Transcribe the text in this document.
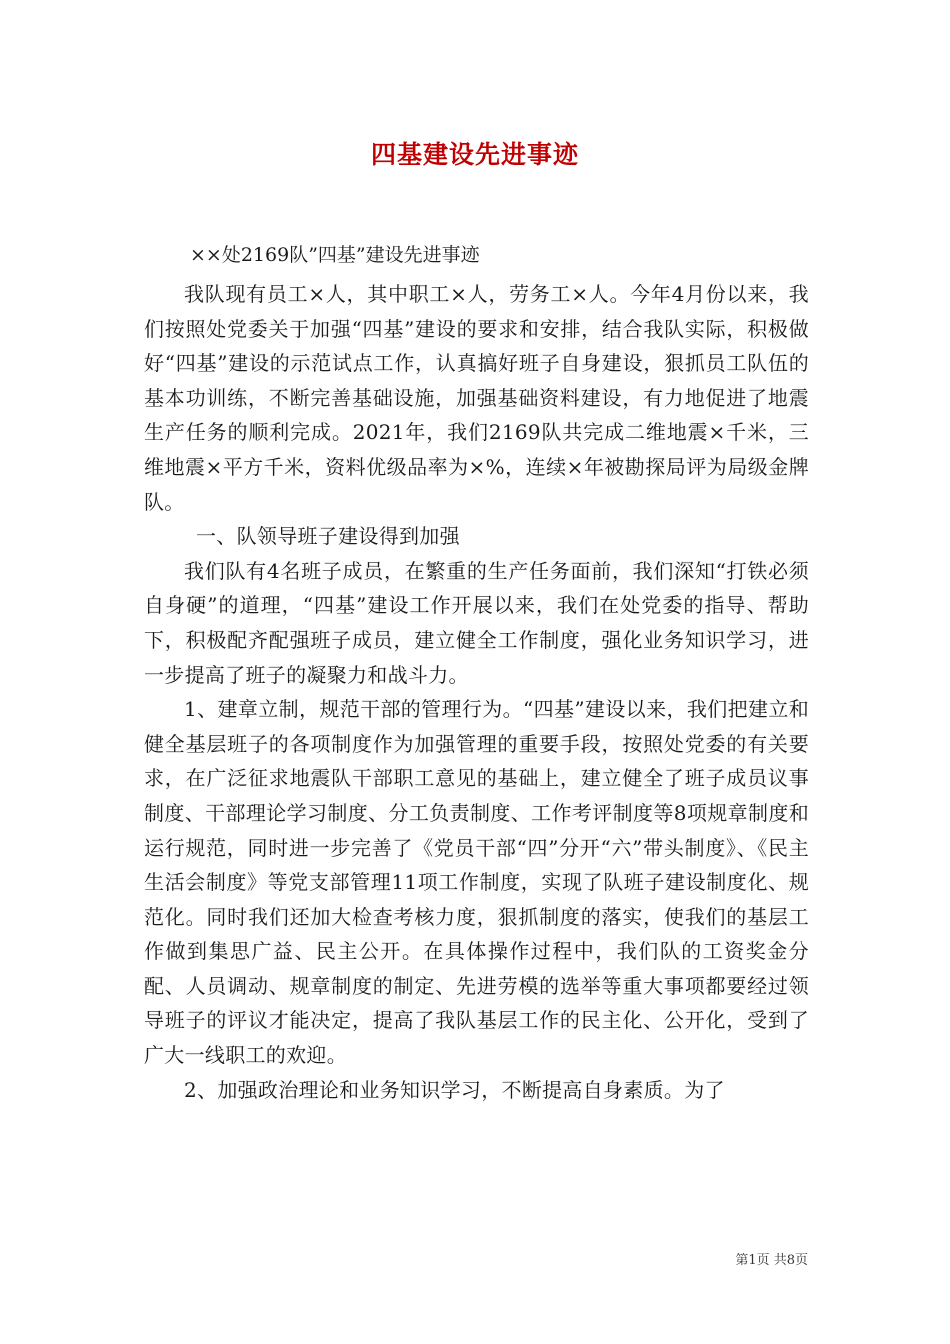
四基建设先进事迹
××处2169队”四基”建设先进事迹

我队现有员工×人，其中职工×人，劳务工×人。今年4月份以来，我们按照处党委关于加强“四基”建设的要求和安排，结合我队实际，积极做好“四基”建设的示范试点工作，认真搞好班子自身建设，狠抓员工队伍的基本功训练，不断完善基础设施，加强基础资料建设，有力地促进了地震生产任务的顺利完成。2021年，我们2169队共完成二维地震×千米，三维地震×平方千米，资料优级品率为×%，连续×年被勘探局评为局级金牌队。

一、队领导班子建设得到加强

我们队有4名班子成员，在繁重的生产任务面前，我们深知“打铁必须自身硬”的道理，“四基”建设工作开展以来，我们在处党委的指导、帮助下，积极配齐配强班子成员，建立健全工作制度，强化业务知识学习，进一步提高了班子的凝聚力和战斗力。

1、建章立制，规范干部的管理行为。“四基”建设以来，我们把建立和健全基层班子的各项制度作为加强管理的重要手段，按照处党委的有关要求，在广泛征求地震队干部职工意见的基础上，建立健全了班子成员议事制度、干部理论学习制度、分工负责制度、工作考评制度等8项规章制度和运行规范，同时进一步完善了《党员干部“四”分开“六”带头制度》、《民主生活会制度》等党支部管理11项工作制度，实现了队班子建设制度化、规范化。同时我们还加大检查考核力度，狠抓制度的落实，使我们的基层工作做到集思广益、民主公开。在具体操作过程中，我们队的工资奖金分配、人员调动、规章制度的制定、先进劳模的选举等重大事项都要经过领导班子的评议才能决定，提高了我队基层工作的民主化、公开化，受到了广大一线职工的欢迎。

2、加强政治理论和业务知识学习，不断提高自身素质。为了

第1页 共8页
